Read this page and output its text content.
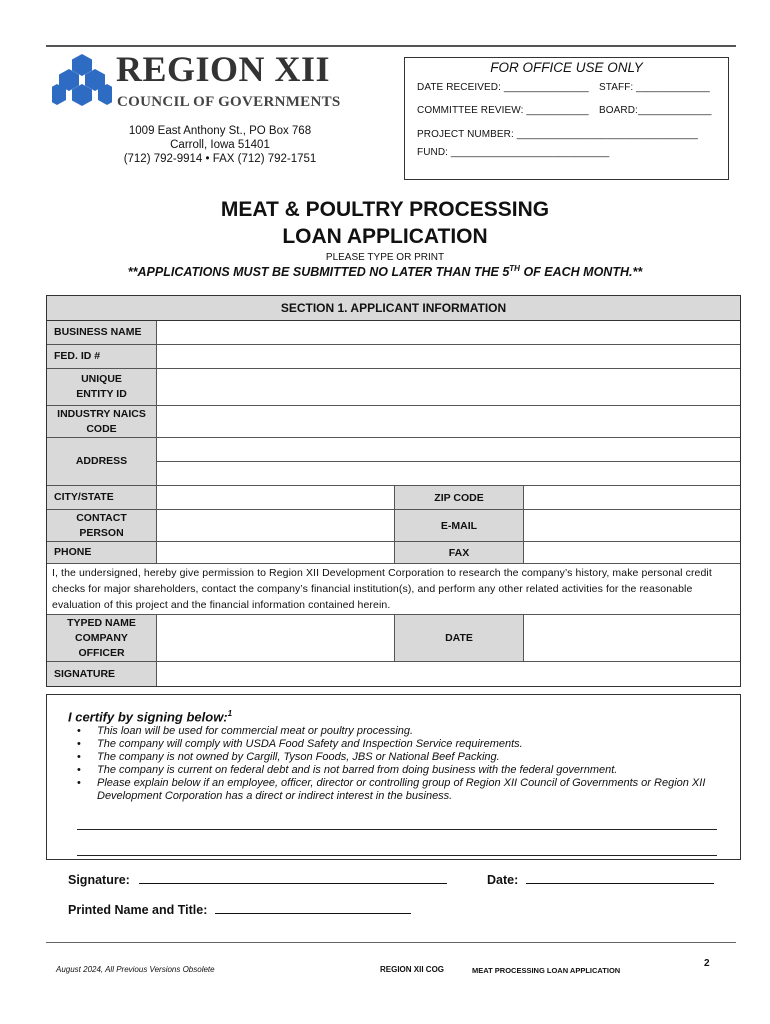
REGION XII
COUNCIL OF GOVERNMENTS
1009 East Anthony St., PO Box 768
Carroll, Iowa 51401
(712) 792-9914 • FAX (712) 792-1751
FOR OFFICE USE ONLY
DATE RECEIVED: _______________ STAFF: _____________
COMMITTEE REVIEW: ___________ BOARD:_____________
PROJECT NUMBER: ________________________________
FUND: ____________________________
MEAT & POULTRY PROCESSING
LOAN APPLICATION
PLEASE TYPE OR PRINT
**APPLICATIONS MUST BE SUBMITTED NO LATER THAN THE 5TH OF EACH MONTH.**
SECTION 1. APPLICANT INFORMATION
BUSINESS NAME
FED. ID #
UNIQUE ENTITY ID
INDUSTRY NAICS CODE
ADDRESS
CITY/STATE	ZIP CODE
CONTACT PERSON
E-MAIL
PHONE	FAX
I, the undersigned, hereby give permission to Region XII Development Corporation to research the company’s history, make personal credit checks for major shareholders, contact the company’s financial institution(s), and perform any other related activities for the reasonable evaluation of this project and the financial information contained herein.
TYPED NAME COMPANY OFFICER
DATE
SIGNATURE
I certify by signing below:$^1$
• This loan will be used for commercial meat or poultry processing.
• The company will comply with USDA Food Safety and Inspection Service requirements.
• The company is not owned by Cargill, Tyson Foods, JBS or National Beef Packing.
• The company is current on federal debt and is not barred from doing business with the federal government.
• Please explain below if an employee, officer, director or controlling group of Region XII Council of Governments or Region XII Development Corporation has a direct or indirect interest in the business.
Signature:	Date:
Printed Name and Title:
August 2024, All Previous Versions Obsolete	REGION XII COG	MEAT PROCESSING LOAN APPLICATION
2
